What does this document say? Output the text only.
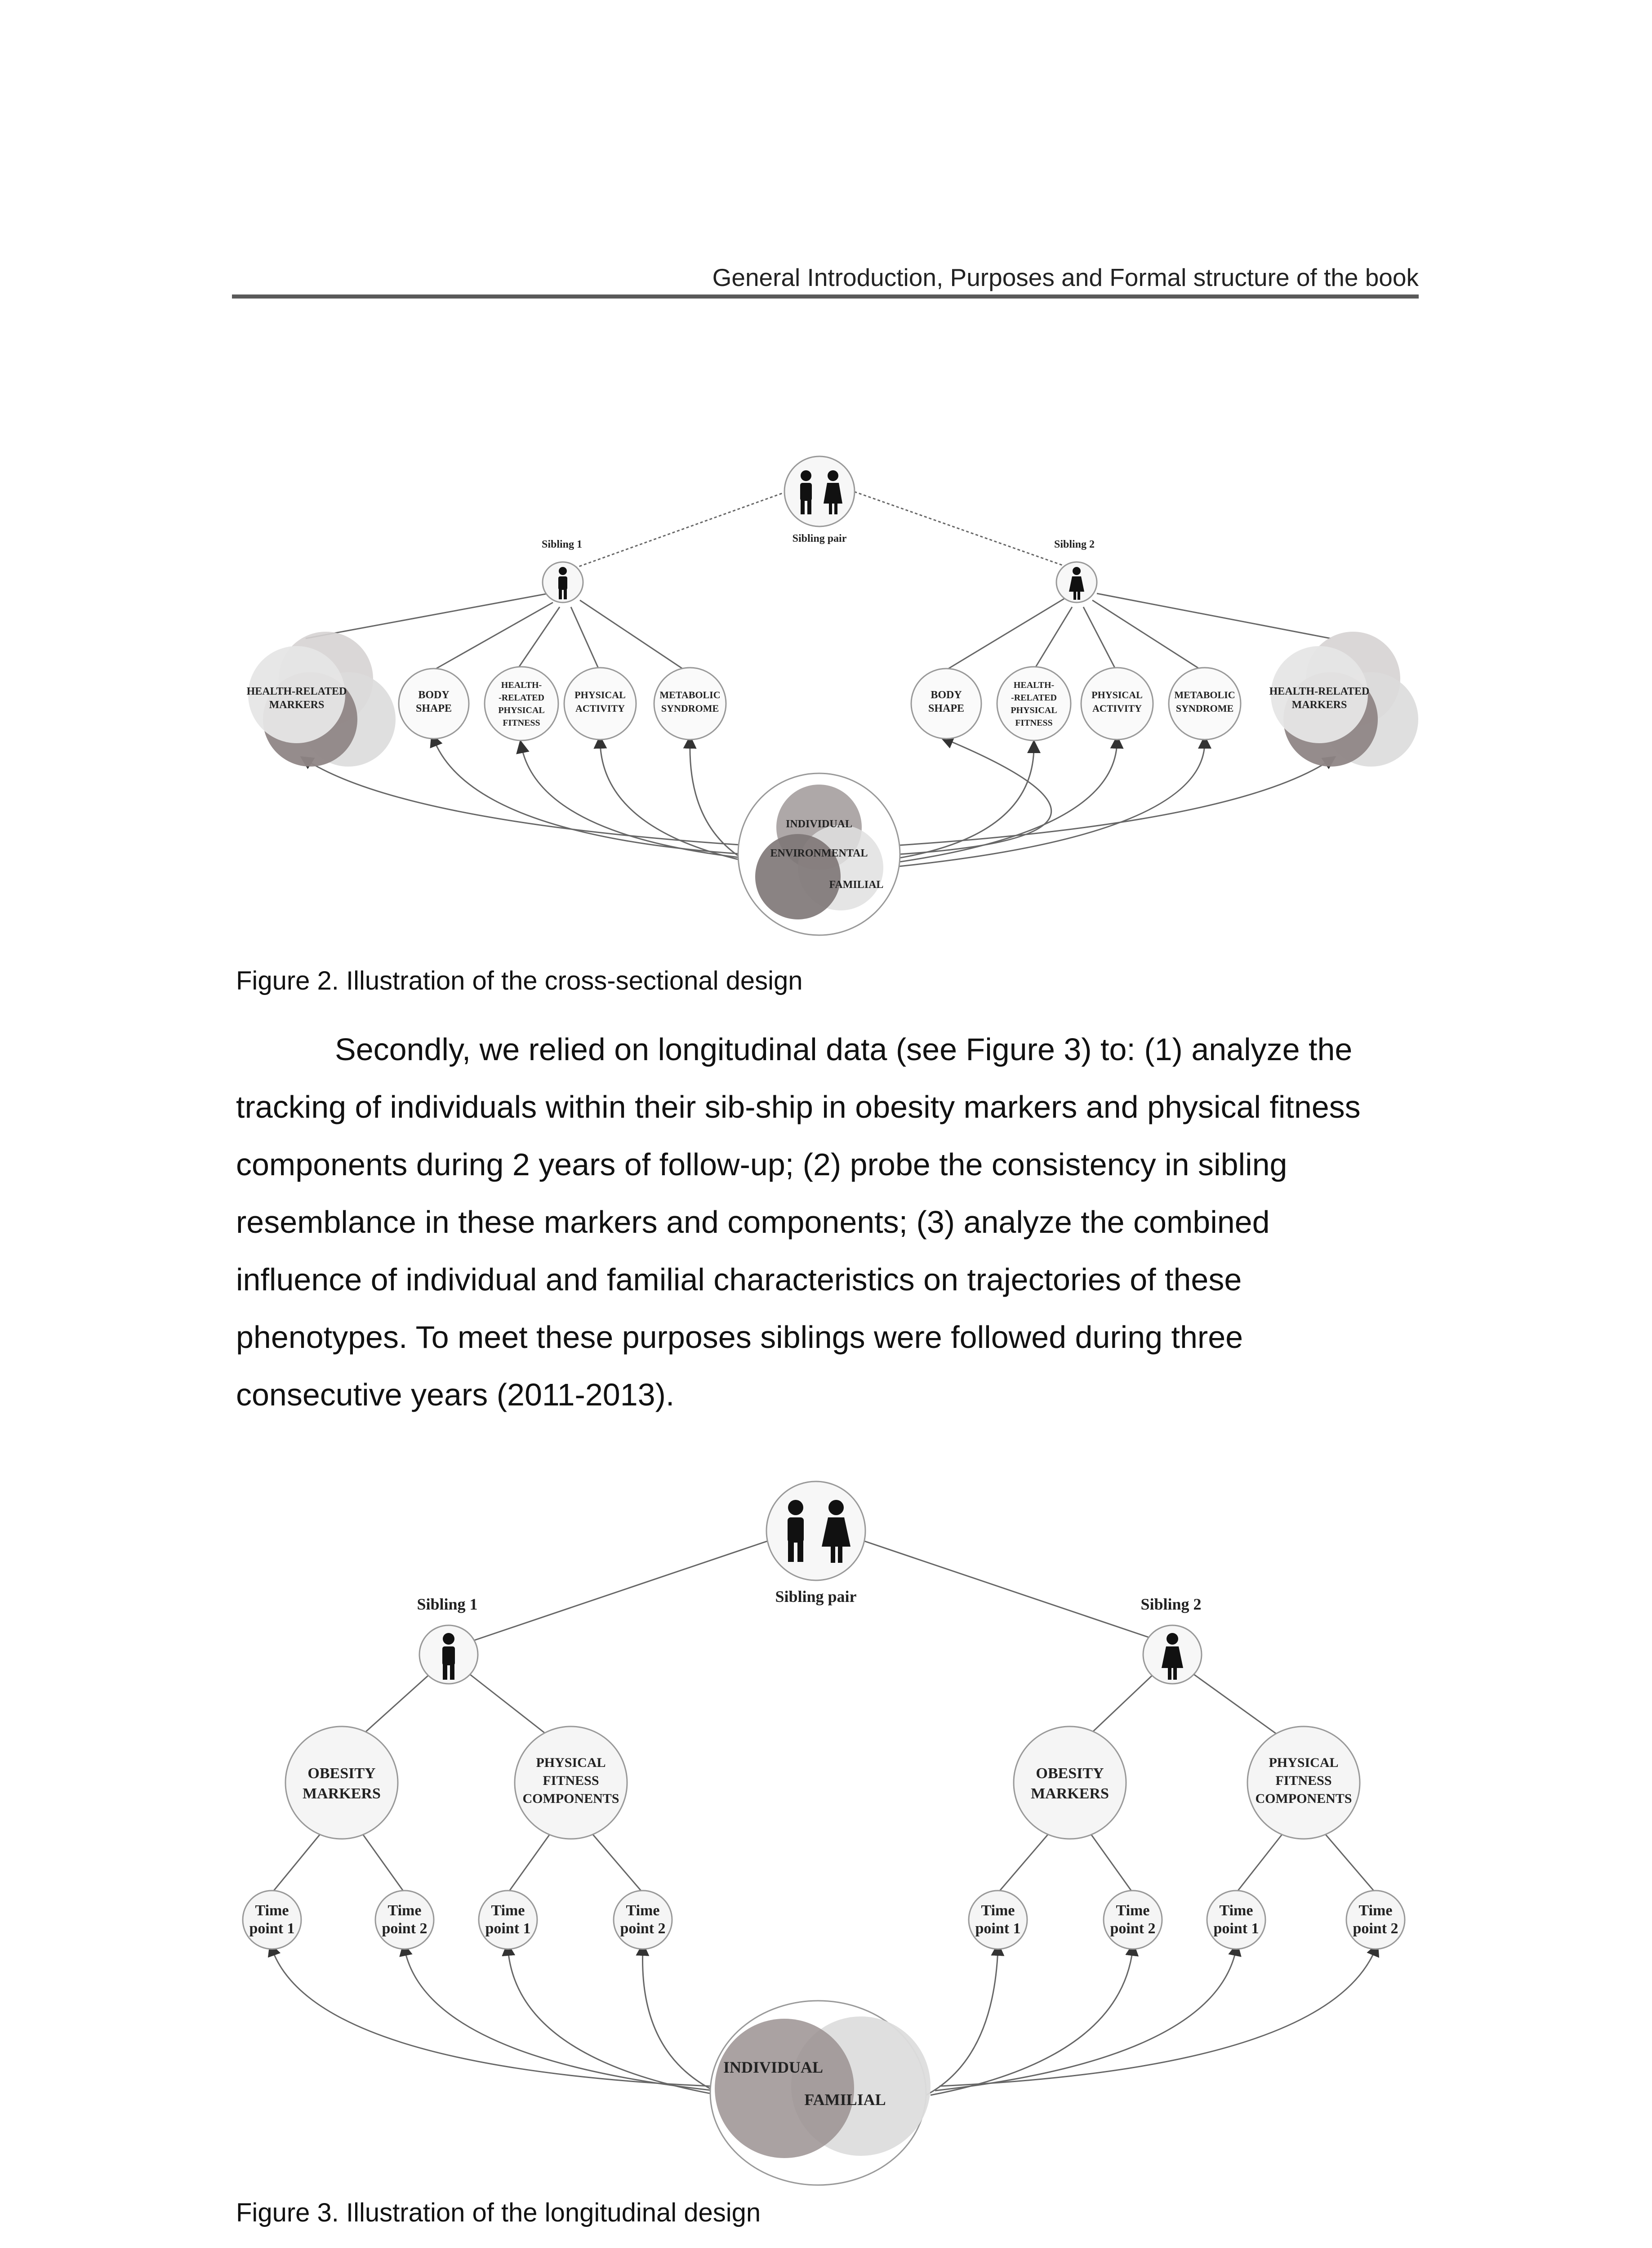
General Introduction, Purposes and Formal structure of the book
Sibling pair
Sibling 1	Sibling 2
HEALTH-RELATED
MARKERS
HEALTH-RELATED
MARKERS
BODY
SHAPE
HEALTH-
-RELATED
PHYSICAL
FITNESS
PHYSICAL
ACTIVITY
METABOLIC
SYNDROME
BODY
SHAPE
HEALTH-
-RELATED
PHYSICAL
FITNESS
PHYSICAL
ACTIVITY
METABOLIC
SYNDROME
INDIVIDUAL
ENVIRONMENTAL
FAMILIAL
Figure 2. Illustration of the cross-sectional design
Secondly, we relied on longitudinal data (see Figure 3) to: (1) analyze the
tracking of individuals within their sib-ship in obesity markers and physical fitness
components during 2 years of follow-up; (2) probe the consistency in sibling
resemblance in these markers and components; (3) analyze the combined
influence of individual and familial characteristics on trajectories of these
phenotypes. To meet these purposes siblings were followed during three
consecutive years (2011-2013).
Sibling pair
Sibling 1	Sibling 2
OBESITY
MARKERS
PHYSICAL
FITNESS
COMPONENTS
OBESITY
MARKERS
PHYSICAL
FITNESS
COMPONENTS
Time
point 1
Time
point 2
Time
point 1
Time
point 2
Time
point 1
Time
point 2
Time
point 1
Time
point 2
INDIVIDUAL
FAMILIAL
Figure 3. Illustration of the longitudinal design
